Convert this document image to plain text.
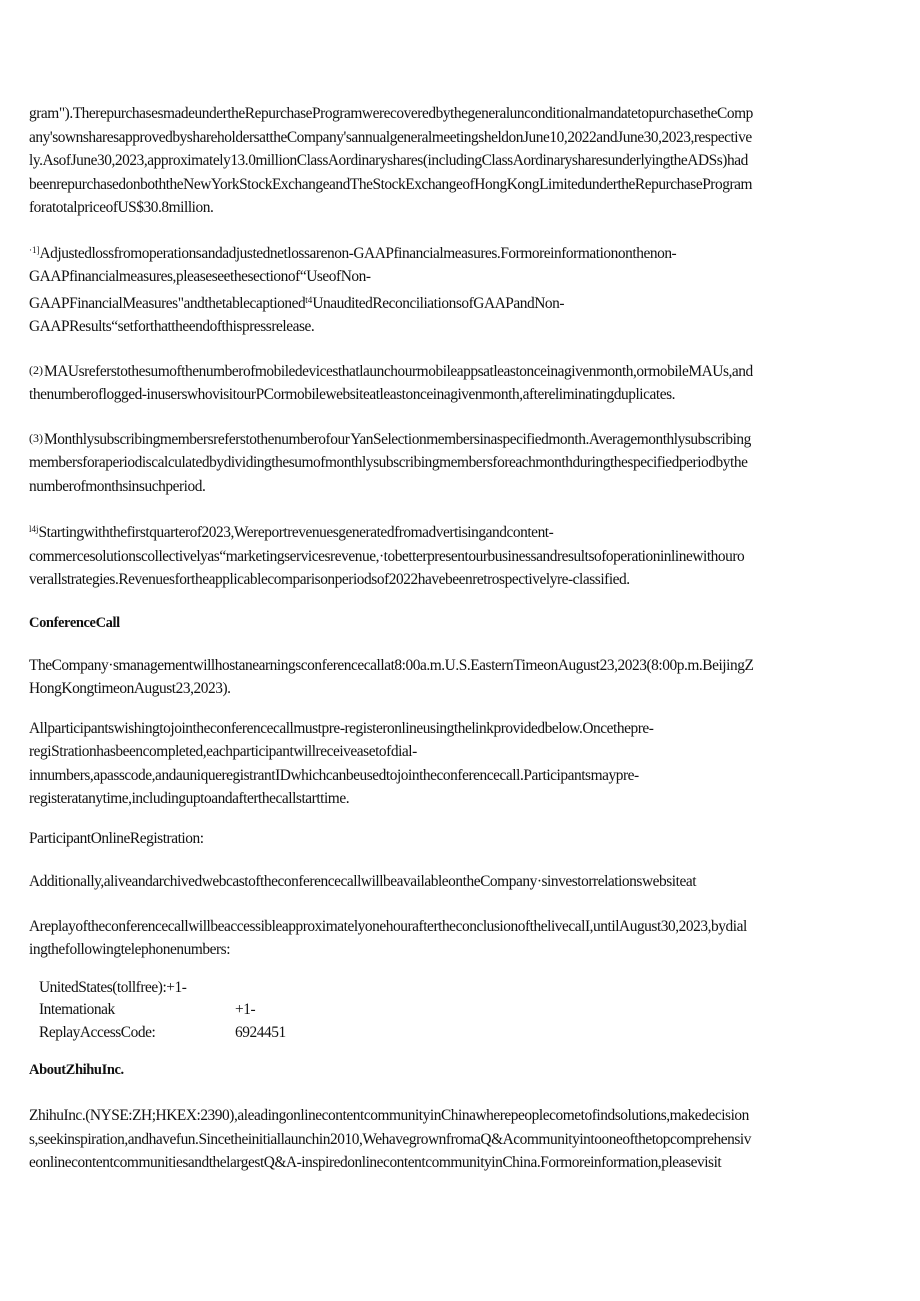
gram").TherepurchasesmadeundertheRepurchaseProgramwerecoveredbythegeneralunconditionalmandatetopurchasetheComp
any'sownsharesapprovedbyshareholdersattheCompany'sannualgeneralmeetingsheldonJune10,2022andJune30,2023,respective
ly.AsofJune30,2023,approximately13.0millionClassAordinaryshares(includingClassAordinarysharesunderlyingtheADSs)had
beenrepurchasedonboththeNewYorkStockExchangeandTheStockExchangeofHongKongLimitedundertheRepurchaseProgram
foratotalpriceofUS$30.8million.

$^{\cdot 1]}$Adjustedlossfromoperationsandadjustednetlossarenon-GAAPfinancialmeasures.Formoreinformationonthenon-
GAAPfinancialmeasures,pleaseseethesectionof“UseofNon-
GAAPFinancialMeasures"andthetablecaptioned$^{t4}$UnauditedReconciliationsofGAAPandNon-
GAAPResults“setforthattheendofthispressrelease.

(2)MAUsreferstothesumofthenumberofmobiledevicesthatlaunchourmobileappsatleastonceinagivenmonth,ormobileMAUs,and
thenumberoflogged-inuserswhovisitourPCormobilewebsiteatleastonceinagivenmonth,aftereliminatingduplicates.

(3)Monthlysubscribingmembersreferstothenumberofour YanSelectionmembersinaspecifiedmonth.Averagemonthlysubscribing
membersforaperiodiscalculatedbydividingthesumofmonthlysubscribingmembersforeachmonthduringthespecifiedperiodbythe
numberofmonthsinsuchperiod.

$^{l4j}$Startingwiththefirstquarterof2023,Wereportrevenuesgeneratedfromadvertisingandcontent-
commercesolutionscollectivelyas“marketingservicesrevenue,·tobetterpresentourbusinessandresultsofoperationinlinewithouro
verallstrategies.Revenuesfortheapplicablecomparisonperiodsof2022havebeenretrospectivelyre-classified.

ConferenceCall

TheCompany·smanagementwillhostanearningsconferencecallat8:00a.m.U.S.EasternTimeonAugust23,2023(8:00p.m.BeijingZ
HongKongtimeonAugust23,2023).

Allparticipantswishingtojointheconferencecallmustpre-registeronlineusingthelinkprovidedbelow.Oncethepre-
regiStrationhasbeencompleted,eachparticipantwillreceiveasetofdial-
innumbers,apasscode,andauniqueregistrantIDwhichcanbeusedtojointheconferencecall.Participantsmaypre-
registeratanytime,includinguptoandafterthecallstarttime.

ParticipantOnlineRegistration:

Additionally,aliveandarchivedwebcastoftheconferencecallwillbeavailableontheCompany·sinvestorrelationswebsiteat

AreplayoftheconferencecallwillbeaccessibleapproximatelyonehouraftertheconclusionofthelivecalI,untilAugust30,2023,bydial
ingthefollowingtelephonenumbers:

UnitedStates(tollfree):+1-
Intemationak	+1-
ReplayAccessCode:	6924451
AboutZhihuInc.

ZhihuInc.(NYSE:ZH;HKEX:2390),aleadingonlinecontentcommunityinChinawherepeoplecometofindsolutions,makedecision
s,seekinspiration,andhavefun.Sincetheinitiallaunchin2010,WehavegrownfromaQ&Acommunityintooneofthetopcomprehensiv
eonlinecontentcommunitiesandthelargestQ&A-inspiredonlinecontentcommunityinChina.Formoreinformation,pleasevisit
